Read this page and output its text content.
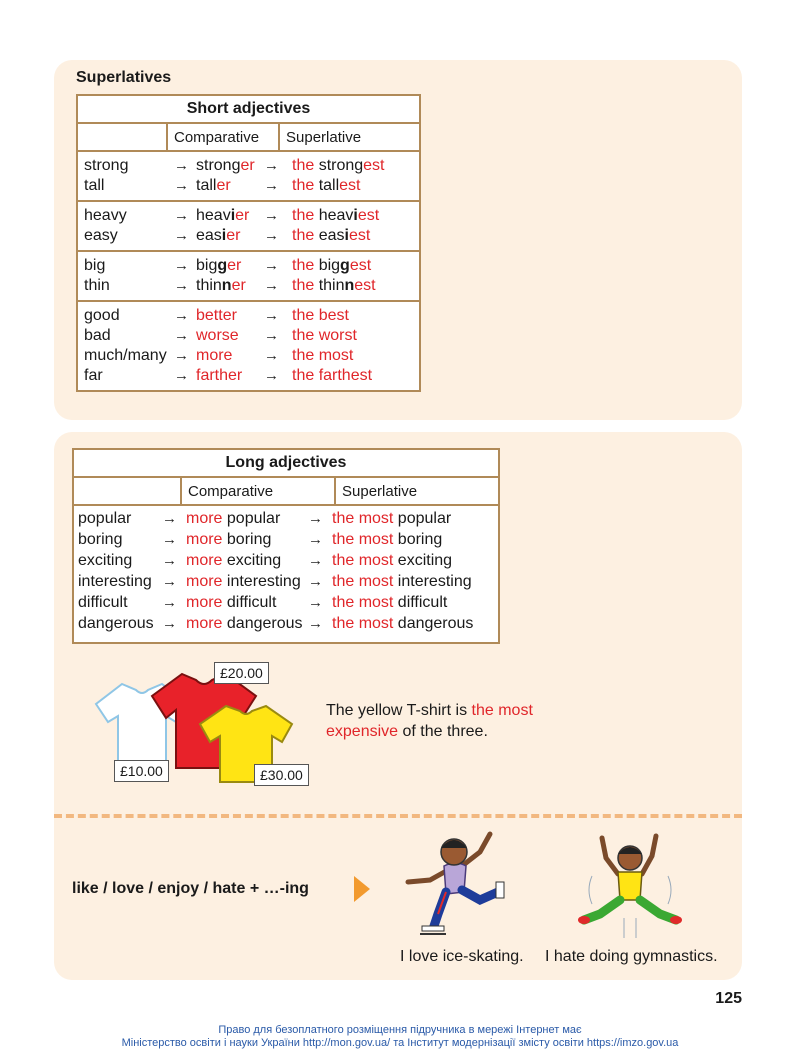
Superlatives
Short adjectives
	Comparative	Superlative

strong	→ stronger → the strongest
tall	→ taller → the tallest

heavy	→ heavier → the heaviest
easy	→ easier → the easiest

big	→ bigger → the biggest
thin	→ thinner → the thinnest

good	→ better → the best
bad	→ worse → the worst
much/many → more → the most
far	→ farther → the farthest
Long adjectives
	Comparative	Superlative

popular → more popular → the most popular
boring	→ more boring → the most boring
exciting → more exciting → the most exciting
interesting → more interesting → the most interesting
difficult → more difficult → the most difficult
dangerous → more dangerous → the most dangerous
£20.00
£10.00	£30.00
The yellow T-shirt is the most
expensive of the three.
like / love / enjoy / hate + …-ing
I love ice-skating. I hate doing gymnastics.
125
Право для безоплатного розміщення підручника в мережі Інтернет має
Міністерство освіти і науки України http://mon.gov.ua/ та Інститут модернізації змісту освіти https://imzo.gov.ua
